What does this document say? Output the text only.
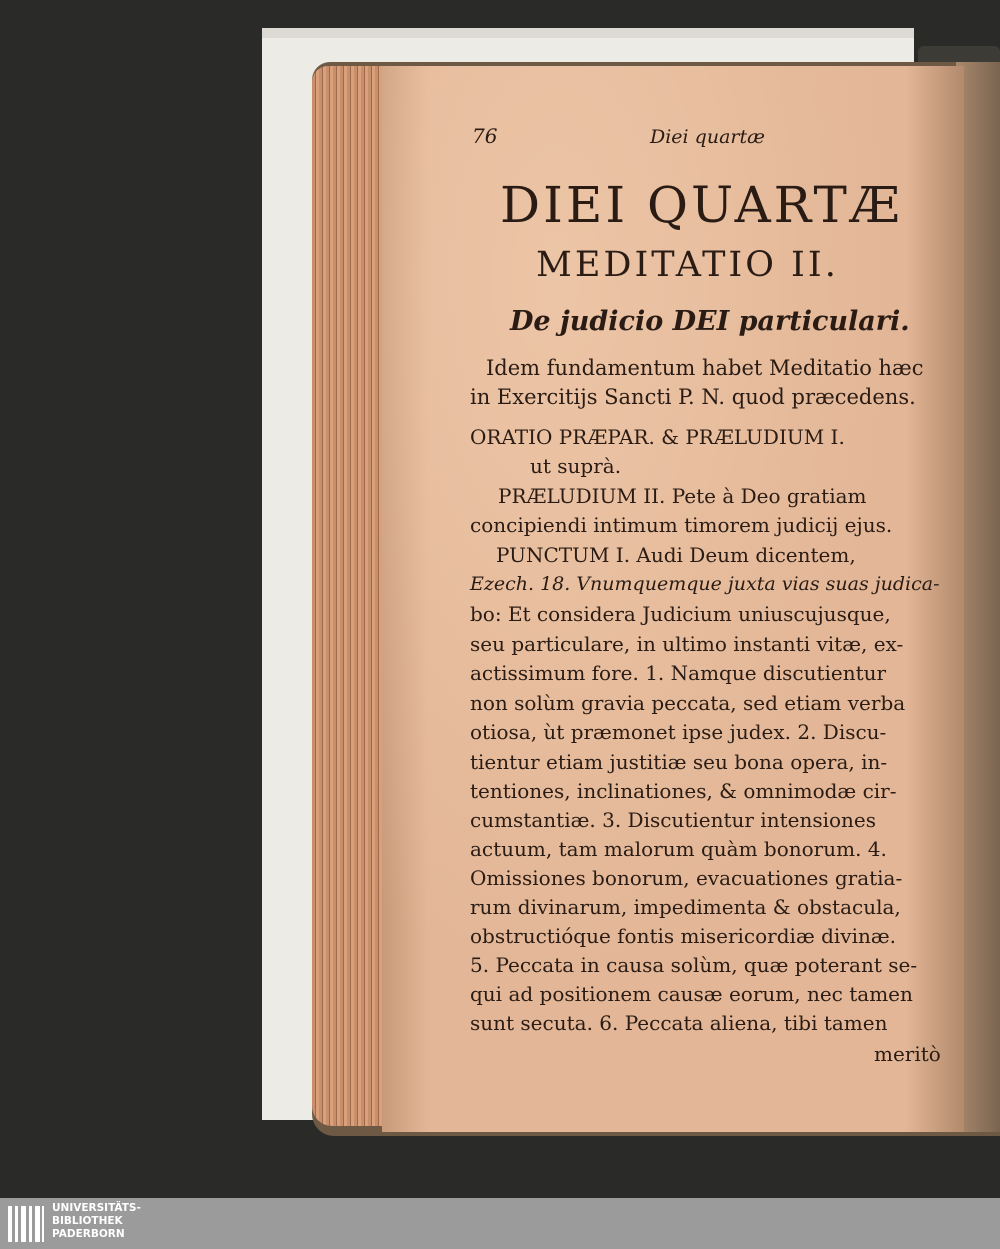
76	Diei quartæ
DIEI QUARTÆ
MEDITATIO II.
De judicio DEI particulari.
Idem fundamentum habet Meditatio hæc
in Exercitijs Sancti P. N. quod præcedens.
ORATIO PRÆPAR. & PRÆLUDIUM I.
ut suprà.
PRÆLUDIUM II. Pete à Deo gratiam
concipiendi intimum timorem judicij ejus.
PUNCTUM I. Audi Deum dicentem,
Ezech. 18. Vnumquemque juxta vias suas judica-
bo: Et considera Judicium uniuscujusque,
seu particulare, in ultimo instanti vitæ, ex-
actissimum fore. 1. Namque discutientur
non solùm gravia peccata, sed etiam verba
otiosa, ùt præmonet ipse judex. 2. Discu-
tientur etiam justitiæ seu bona opera, in-
tentiones, inclinationes, & omnimodæ cir-
cumstantiæ. 3. Discutientur intensiones
actuum, tam malorum quàm bonorum. 4.
Omissiones bonorum, evacuationes gratia-
rum divinarum, impedimenta & obstacula,
obstructióque fontis misericordiæ divinæ.
5. Peccata in causa solùm, quæ poterant se-
qui ad positionem causæ eorum, nec tamen
sunt secuta. 6. Peccata aliena, tibi tamen
meritò
UNIVERSITÄTS-
BIBLIOTHEK
PADERBORN
